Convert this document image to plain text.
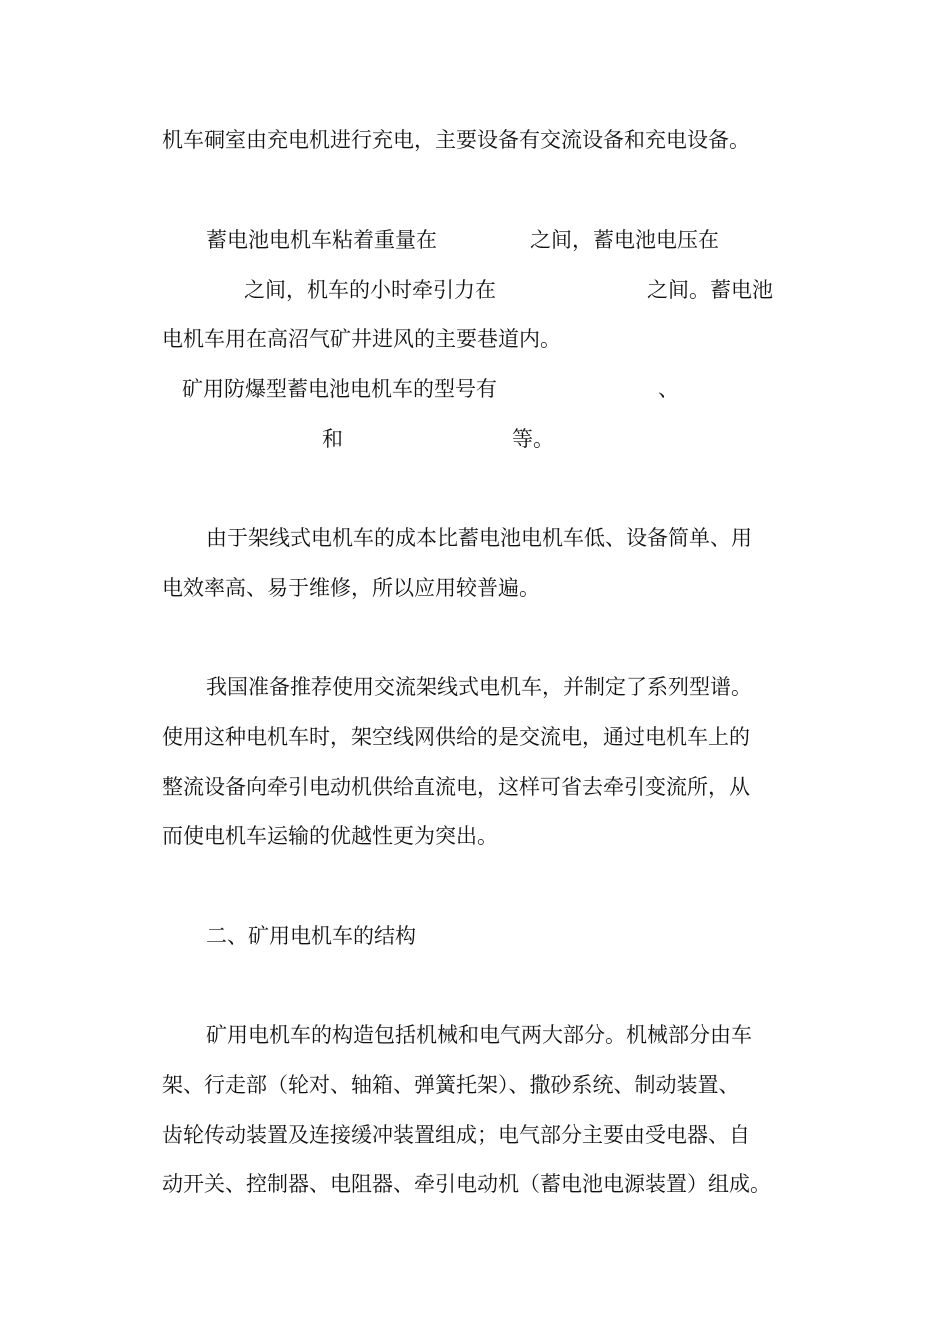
机车硐室由充电机进行充电，主要设备有交流设备和充电设备。

蓄电池电机车粘着重量在	之间，蓄电池电压在

之间，机车的小时牵引力在	之间。蓄电池

电机车用在高沼气矿井进风的主要巷道内。

矿用防爆型蓄电池电机车的型号有	、

和	等。

由于架线式电机车的成本比蓄电池电机车低、设备简单、用

电效率高、易于维修，所以应用较普遍。

我国准备推荐使用交流架线式电机车，并制定了系列型谱。

使用这种电机车时，架空线网供给的是交流电，通过电机车上的

整流设备向牵引电动机供给直流电，这样可省去牵引变流所，从

而使电机车运输的优越性更为突出。

二、矿用电机车的结构

矿用电机车的构造包括机械和电气两大部分。机械部分由车

架、行走部（轮对、轴箱、弹簧托架）、撒砂系统、制动装置、

齿轮传动装置及连接缓冲装置组成；电气部分主要由受电器、自

动开关、控制器、电阻器、牵引电动机（蓄电池电源装置）组成。
